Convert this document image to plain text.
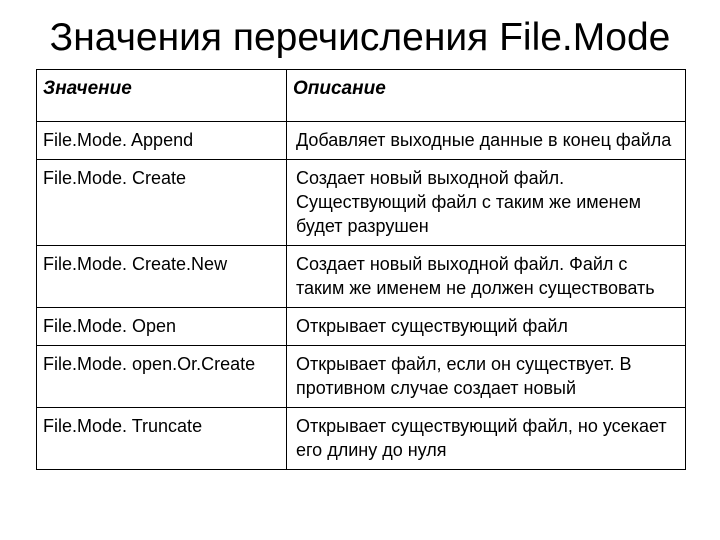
Значения перечисления File.Mode
Значение	Описание
File.Mode. Append	Добавляет выходные данные в конец файла
File.Mode. Create	Создает новый выходной файл. Существующий файл с таким же именем будет разрушен
File.Mode. Create.New	Создает новый выходной файл. Файл с таким же именем не должен существовать
File.Mode. Open	Открывает существующий файл
File.Mode. open.Or.Create	Открывает файл, если он существует. В противном случае создает новый
File.Mode. Truncate	Открывает существующий файл, но усекает его длину до нуля
